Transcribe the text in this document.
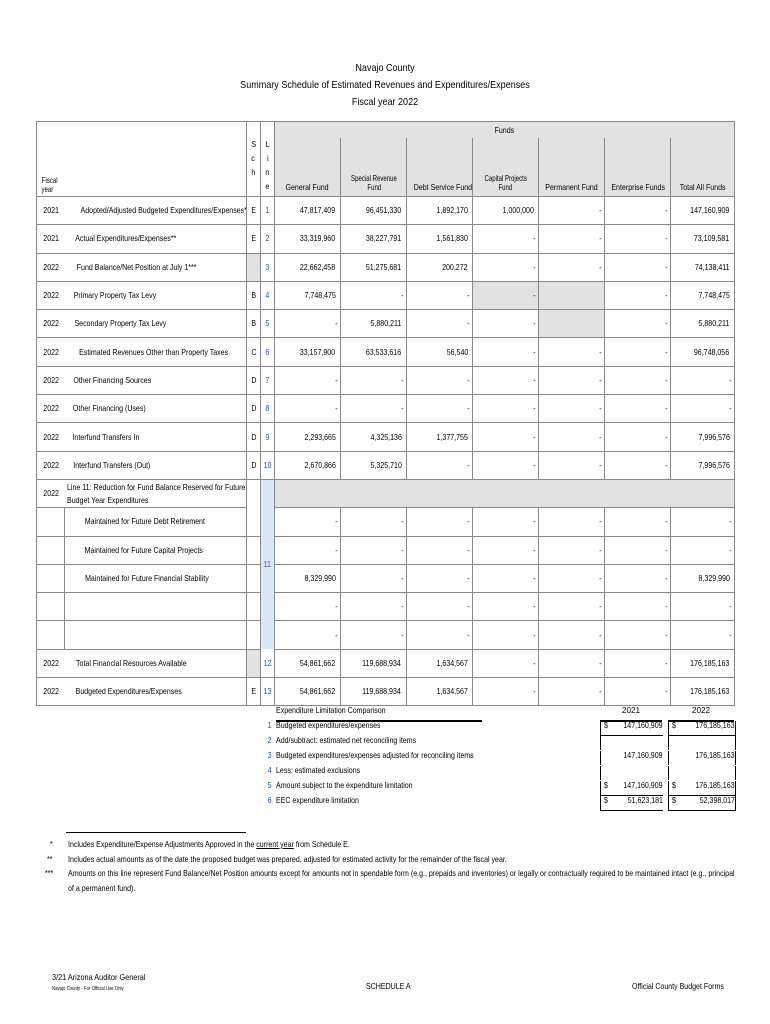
Navajo County
Summary Schedule of Estimated Revenues and Expenditures/Expenses
Fiscal year 2022
				Funds						
Fiscal
year		S
c
h	L
i
n
e	General Fund	Special Revenue
Fund	Debt Service Fund	Capital Projects
Fund	Permanent Fund	Enterprise Funds	Total All Funds
2021	Adopted/Adjusted Budgeted Expenditures/Expenses*	E	1	47,817,409	96,451,330	1,892,170	1,000,000	-	-	147,160,909
2021	Actual Expenditures/Expenses**	E	2	33,319,960	38,227,791	1,561,830	-	-	-	73,109,581
2022	Fund Balance/Net Position at July 1***		3	22,662,458	51,275,681	200,272	-	-	-	74,138,411
2022	Primary Property Tax Levy	B	4	7,748,475	-	-	-		-	7,748,475
2022	Secondary Property Tax Levy	B	5	-	5,880,211	-	-		-	5,880,211
2022	Estimated Revenues Other than Property Taxes	C	6	33,157,900	63,533,616	56,540	-	-	-	96,748,056
2022	Other Financing Sources	D	7	-	-	-	-	-	-	-
2022	Other Financing (Uses)	D	8	-	-	-	-	-	-	-
2022	Interfund Transfers In	D	9	2,293,665	4,325,136	1,377,755	-	-	-	7,996,576
2022	Interfund Transfers (Out)	D	10	2,670,866	5,325,710	-	-	-	-	7,996,576
2022	Line 11: Reduction for Fund Balance Reserved for Future
Budget Year Expenditures		11							
	Maintained for Future Debt Retirement			-	-	-	-	-	-	-
	Maintained for Future Capital Projects			-	-	-	-	-	-	-
	Maintained for Future Financial Stability			8,329,990	-	-	-	-	-	8,329,990
				-	-	-	-	-	-	-
				-	-	-	-	-	-	-
2022	Total Financial Resources Available		12	54,861,662	119,688,934	1,634,567	-	-	-	176,185,163
2022	Budgeted Expenditures/Expenses	E	13	54,861,662	119,688,934	1,634,567	-	-	-	176,185,163
Expenditure Limitation Comparison	2021	2022
1 Budgeted expenditures/expenses	147,160,909	176,185,163
$	$
2 Add/subtract: estimated net reconciling items
3 Budgeted expenditures/expenses adjusted for reconciling items	147,160,909	176,185,163
4 Less: estimated exclusions
5 Amount subject to the expenditure limitation	147,160,909	176,185,163
$	$
6 EEC expenditure limitation	51,623,181	52,398,017
$	$
* Includes Expenditure/Expense Adjustments Approved in the current year from Schedule E.
** Includes actual amounts as of the date the proposed budget was prepared, adjusted for estimated activity for the remainder of the fiscal year.
*** Amounts on this line represent Fund Balance/Net Position amounts except for amounts not in spendable form (e.g., prepaids and inventories) or legally or contractually required to be maintained intact (e.g., principal
of a permanent fund).
3/21 Arizona Auditor General
Navajo County - For Official Use Only	SCHEDULE A	Official County Budget Forms
